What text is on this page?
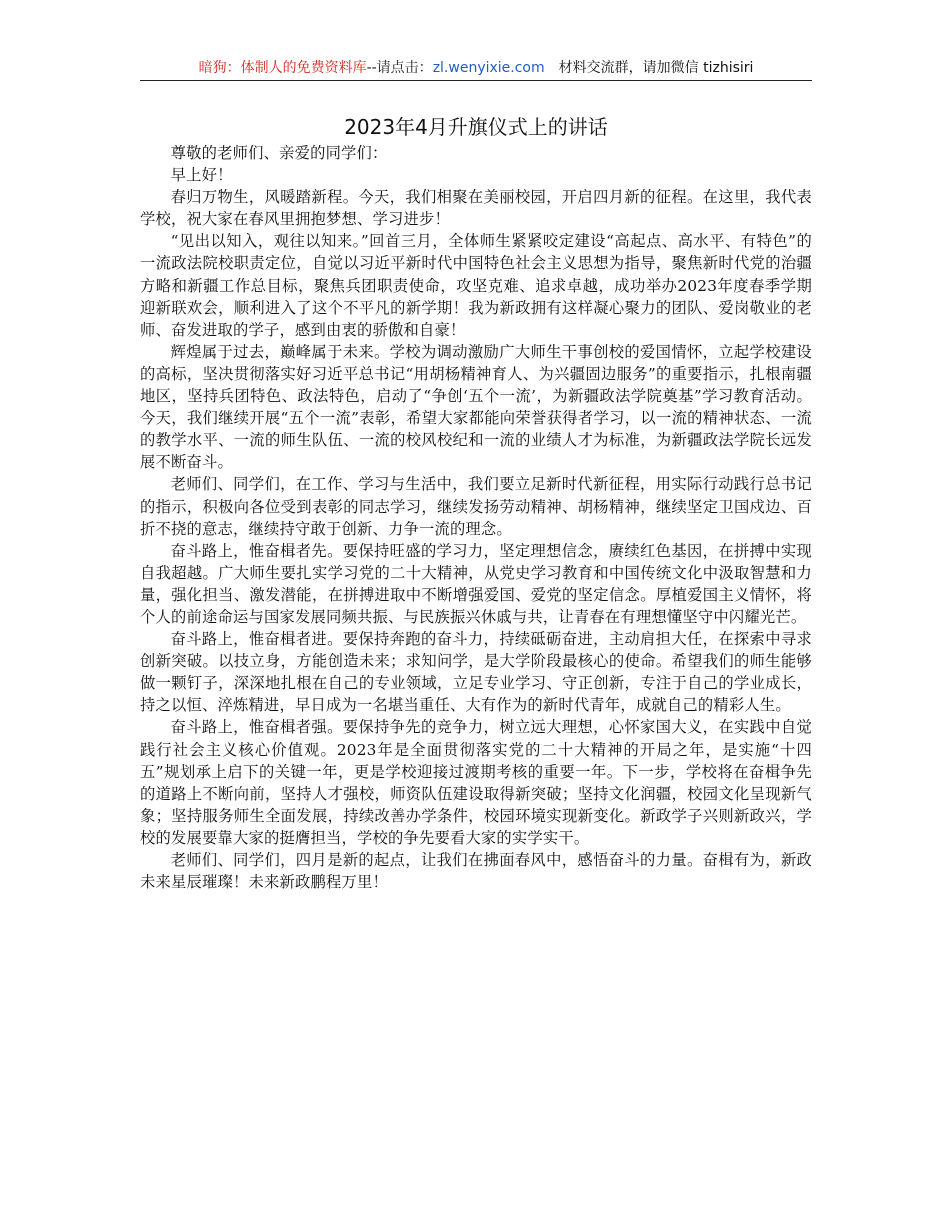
暗狗：体制人的免费资料库--请点击：zl.wenyixie.com 材料交流群，请加微信 tizhisiri
2023年4月升旗仪式上的讲话

尊敬的老师们、亲爱的同学们：

早上好！

春归万物生，风暖踏新程。今天，我们相聚在美丽校园，开启四月新的征程。在这里，我代表学校，祝大家在春风里拥抱梦想、学习进步！

“见出以知入，观往以知来。”回首三月，全体师生紧紧咬定建设“高起点、高水平、有特色”的一流政法院校职责定位，自觉以习近平新时代中国特色社会主义思想为指导，聚焦新时代党的治疆方略和新疆工作总目标，聚焦兵团职责使命，攻坚克难、追求卓越，成功举办2023年度春季学期迎新联欢会，顺利进入了这个不平凡的新学期！我为新政拥有这样凝心聚力的团队、爱岗敬业的老师、奋发进取的学子，感到由衷的骄傲和自豪！

辉煌属于过去，巅峰属于未来。学校为调动激励广大师生干事创校的爱国情怀，立起学校建设的高标，坚决贯彻落实好习近平总书记“用胡杨精神育人、为兴疆固边服务”的重要指示，扎根南疆地区，坚持兵团特色、政法特色，启动了“争创‘五个一流’，为新疆政法学院奠基”学习教育活动。今天，我们继续开展“五个一流”表彰，希望大家都能向荣誉获得者学习，以一流的精神状态、一流的教学水平、一流的师生队伍、一流的校风校纪和一流的业绩人才为标准，为新疆政法学院长远发展不断奋斗。

老师们、同学们，在工作、学习与生活中，我们要立足新时代新征程，用实际行动践行总书记的指示，积极向各位受到表彰的同志学习，继续发扬劳动精神、胡杨精神，继续坚定卫国戍边、百折不挠的意志，继续持守敢于创新、力争一流的理念。

奋斗路上，惟奋楫者先。要保持旺盛的学习力，坚定理想信念，赓续红色基因，在拼搏中实现自我超越。广大师生要扎实学习党的二十大精神，从党史学习教育和中国传统文化中汲取智慧和力量，强化担当、激发潜能，在拼搏进取中不断增强爱国、爱党的坚定信念。厚植爱国主义情怀，将个人的前途命运与国家发展同频共振、与民族振兴休戚与共，让青春在有理想懂坚守中闪耀光芒。

奋斗路上，惟奋楫者进。要保持奔跑的奋斗力，持续砥砺奋进，主动肩担大任，在探索中寻求创新突破。以技立身，方能创造未来；求知问学，是大学阶段最核心的使命。希望我们的师生能够做一颗钉子，深深地扎根在自己的专业领域，立足专业学习、守正创新，专注于自己的学业成长，持之以恒、淬炼精进，早日成为一名堪当重任、大有作为的新时代青年，成就自己的精彩人生。

奋斗路上，惟奋楫者强。要保持争先的竞争力，树立远大理想，心怀家国大义，在实践中自觉践行社会主义核心价值观。2023年是全面贯彻落实党的二十大精神的开局之年，是实施“十四五”规划承上启下的关键一年，更是学校迎接过渡期考核的重要一年。下一步，学校将在奋楫争先的道路上不断向前，坚持人才强校，师资队伍建设取得新突破；坚持文化润疆，校园文化呈现新气象；坚持服务师生全面发展，持续改善办学条件，校园环境实现新变化。新政学子兴则新政兴，学校的发展要靠大家的挺膺担当，学校的争先要看大家的实学实干。

老师们、同学们，四月是新的起点，让我们在拂面春风中，感悟奋斗的力量。奋楫有为，新政未来星辰璀璨！未来新政鹏程万里！
